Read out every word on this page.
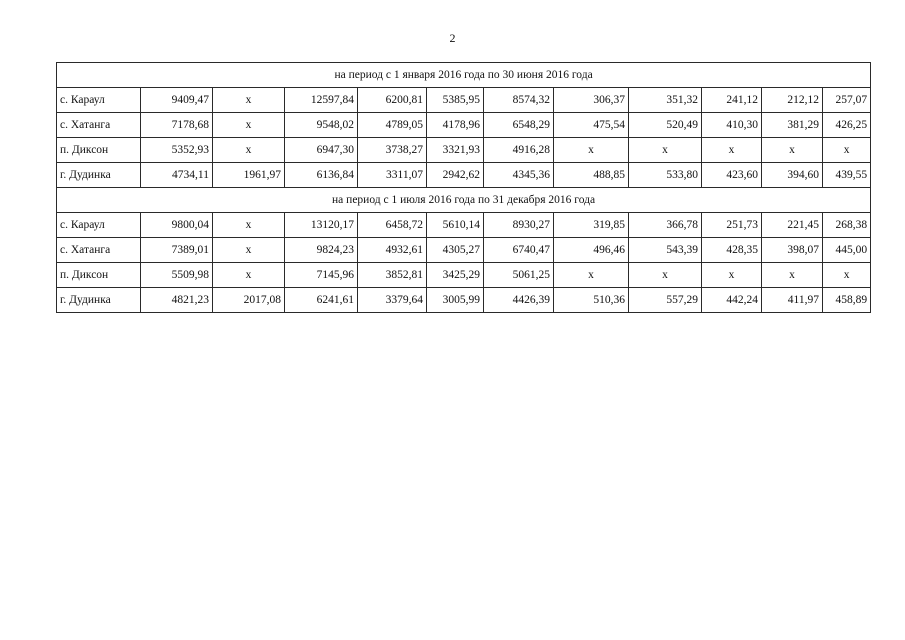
2
на период с 1 января 2016 года по 30 июня 2016 года											
с. Караул	9409,47	х	12597,84	6200,81	5385,95	8574,32	306,37	351,32	241,12	212,12	257,07
с. Хатанга	7178,68	х	9548,02	4789,05	4178,96	6548,29	475,54	520,49	410,30	381,29	426,25
п. Диксон	5352,93	х	6947,30	3738,27	3321,93	4916,28	х	х	х	х	х
г. Дудинка	4734,11	1961,97	6136,84	3311,07	2942,62	4345,36	488,85	533,80	423,60	394,60	439,55
на период с 1 июля 2016 года по 31 декабря 2016 года											
с. Караул	9800,04	х	13120,17	6458,72	5610,14	8930,27	319,85	366,78	251,73	221,45	268,38
с. Хатанга	7389,01	х	9824,23	4932,61	4305,27	6740,47	496,46	543,39	428,35	398,07	445,00
п. Диксон	5509,98	х	7145,96	3852,81	3425,29	5061,25	х	х	х	х	х
г. Дудинка	4821,23	2017,08	6241,61	3379,64	3005,99	4426,39	510,36	557,29	442,24	411,97	458,89
